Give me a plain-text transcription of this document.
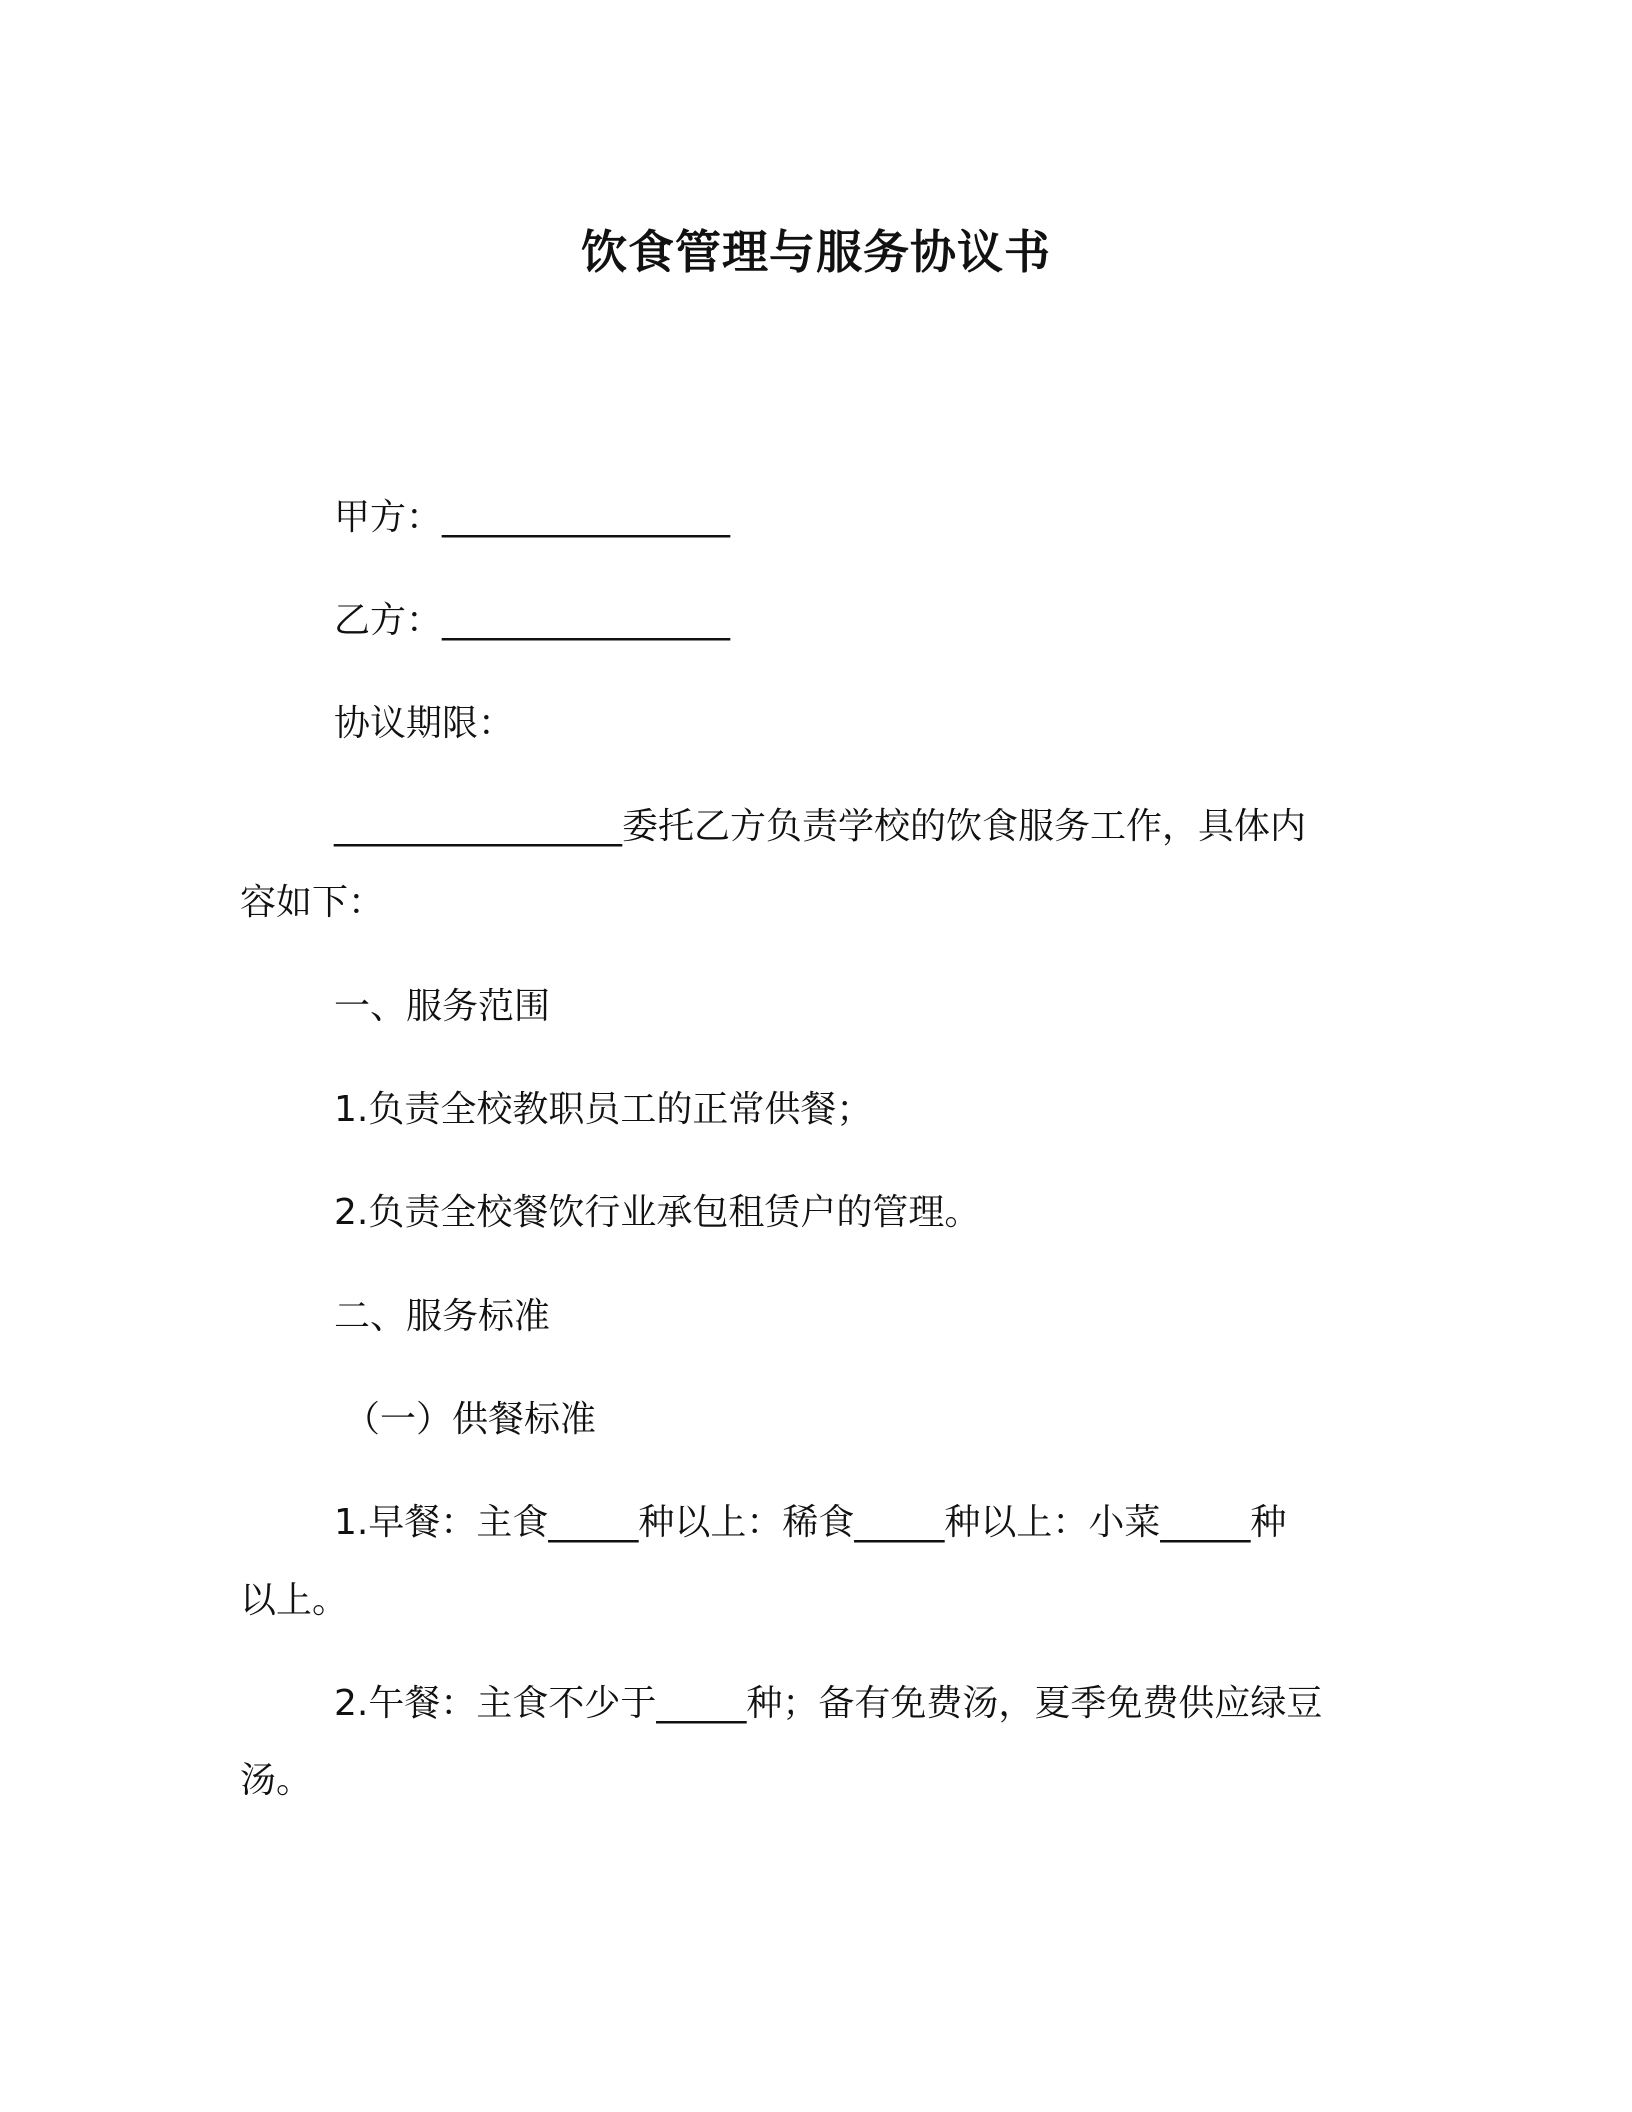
饮食管理与服务协议书
甲方：________________
乙方：________________
协议期限：
________________委托乙方负责学校的饮食服务工作，具体内
容如下：
一、服务范围
1.负责全校教职员工的正常供餐；
2.负责全校餐饮行业承包租赁户的管理。
二、服务标准
（一）供餐标准
1.早餐：主食_____种以上：稀食_____种以上：小菜_____种
以上。
2.午餐：主食不少于_____种；备有免费汤，夏季免费供应绿豆
汤。
